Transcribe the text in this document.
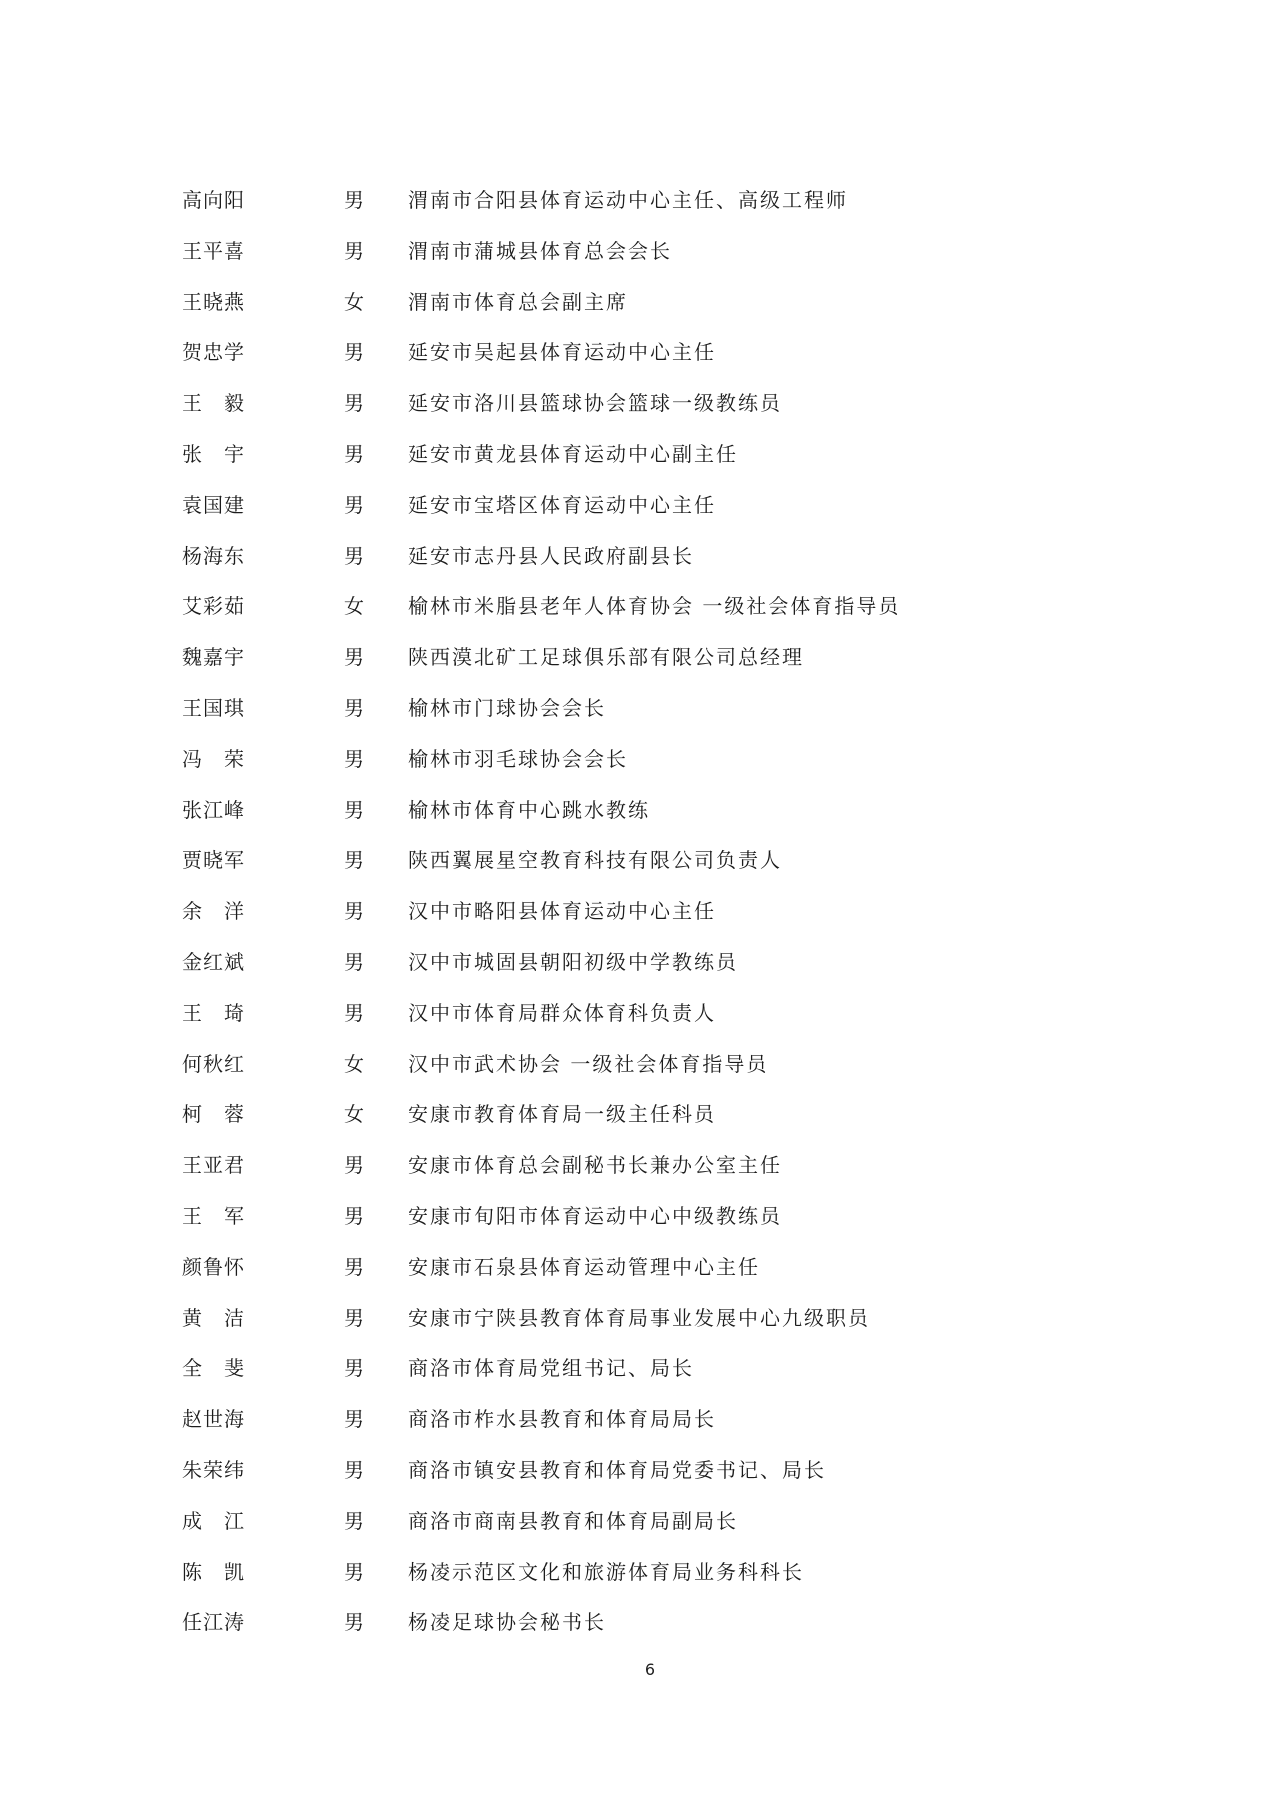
高向阳	男 渭南市合阳县体育运动中心主任、高级工程师
王平喜	男 渭南市蒲城县体育总会会长
王晓燕	女 渭南市体育总会副主席
贺忠学	男 延安市吴起县体育运动中心主任
王　毅	男 延安市洛川县篮球协会篮球一级教练员
张　宇	男 延安市黄龙县体育运动中心副主任
袁国建	男 延安市宝塔区体育运动中心主任
杨海东	男 延安市志丹县人民政府副县长
艾彩茹	女 榆林市米脂县老年人体育协会 一级社会体育指导员
魏嘉宇	男 陕西漠北矿工足球俱乐部有限公司总经理
王国琪	男 榆林市门球协会会长
冯　荣	男 榆林市羽毛球协会会长
张江峰	男 榆林市体育中心跳水教练
贾晓军	男 陕西翼展星空教育科技有限公司负责人
余　洋	男 汉中市略阳县体育运动中心主任
金红斌	男 汉中市城固县朝阳初级中学教练员
王　琦	男 汉中市体育局群众体育科负责人
何秋红	女 汉中市武术协会 一级社会体育指导员
柯　蓉	女 安康市教育体育局一级主任科员
王亚君	男 安康市体育总会副秘书长兼办公室主任
王　军	男 安康市旬阳市体育运动中心中级教练员
颜鲁怀	男 安康市石泉县体育运动管理中心主任
黄　洁	男 安康市宁陕县教育体育局事业发展中心九级职员
全　斐	男 商洛市体育局党组书记、局长
赵世海	男 商洛市柞水县教育和体育局局长
朱荣纬	男 商洛市镇安县教育和体育局党委书记、局长
成　江	男 商洛市商南县教育和体育局副局长
陈　凯	男 杨凌示范区文化和旅游体育局业务科科长
任江涛	男 杨凌足球协会秘书长
6
